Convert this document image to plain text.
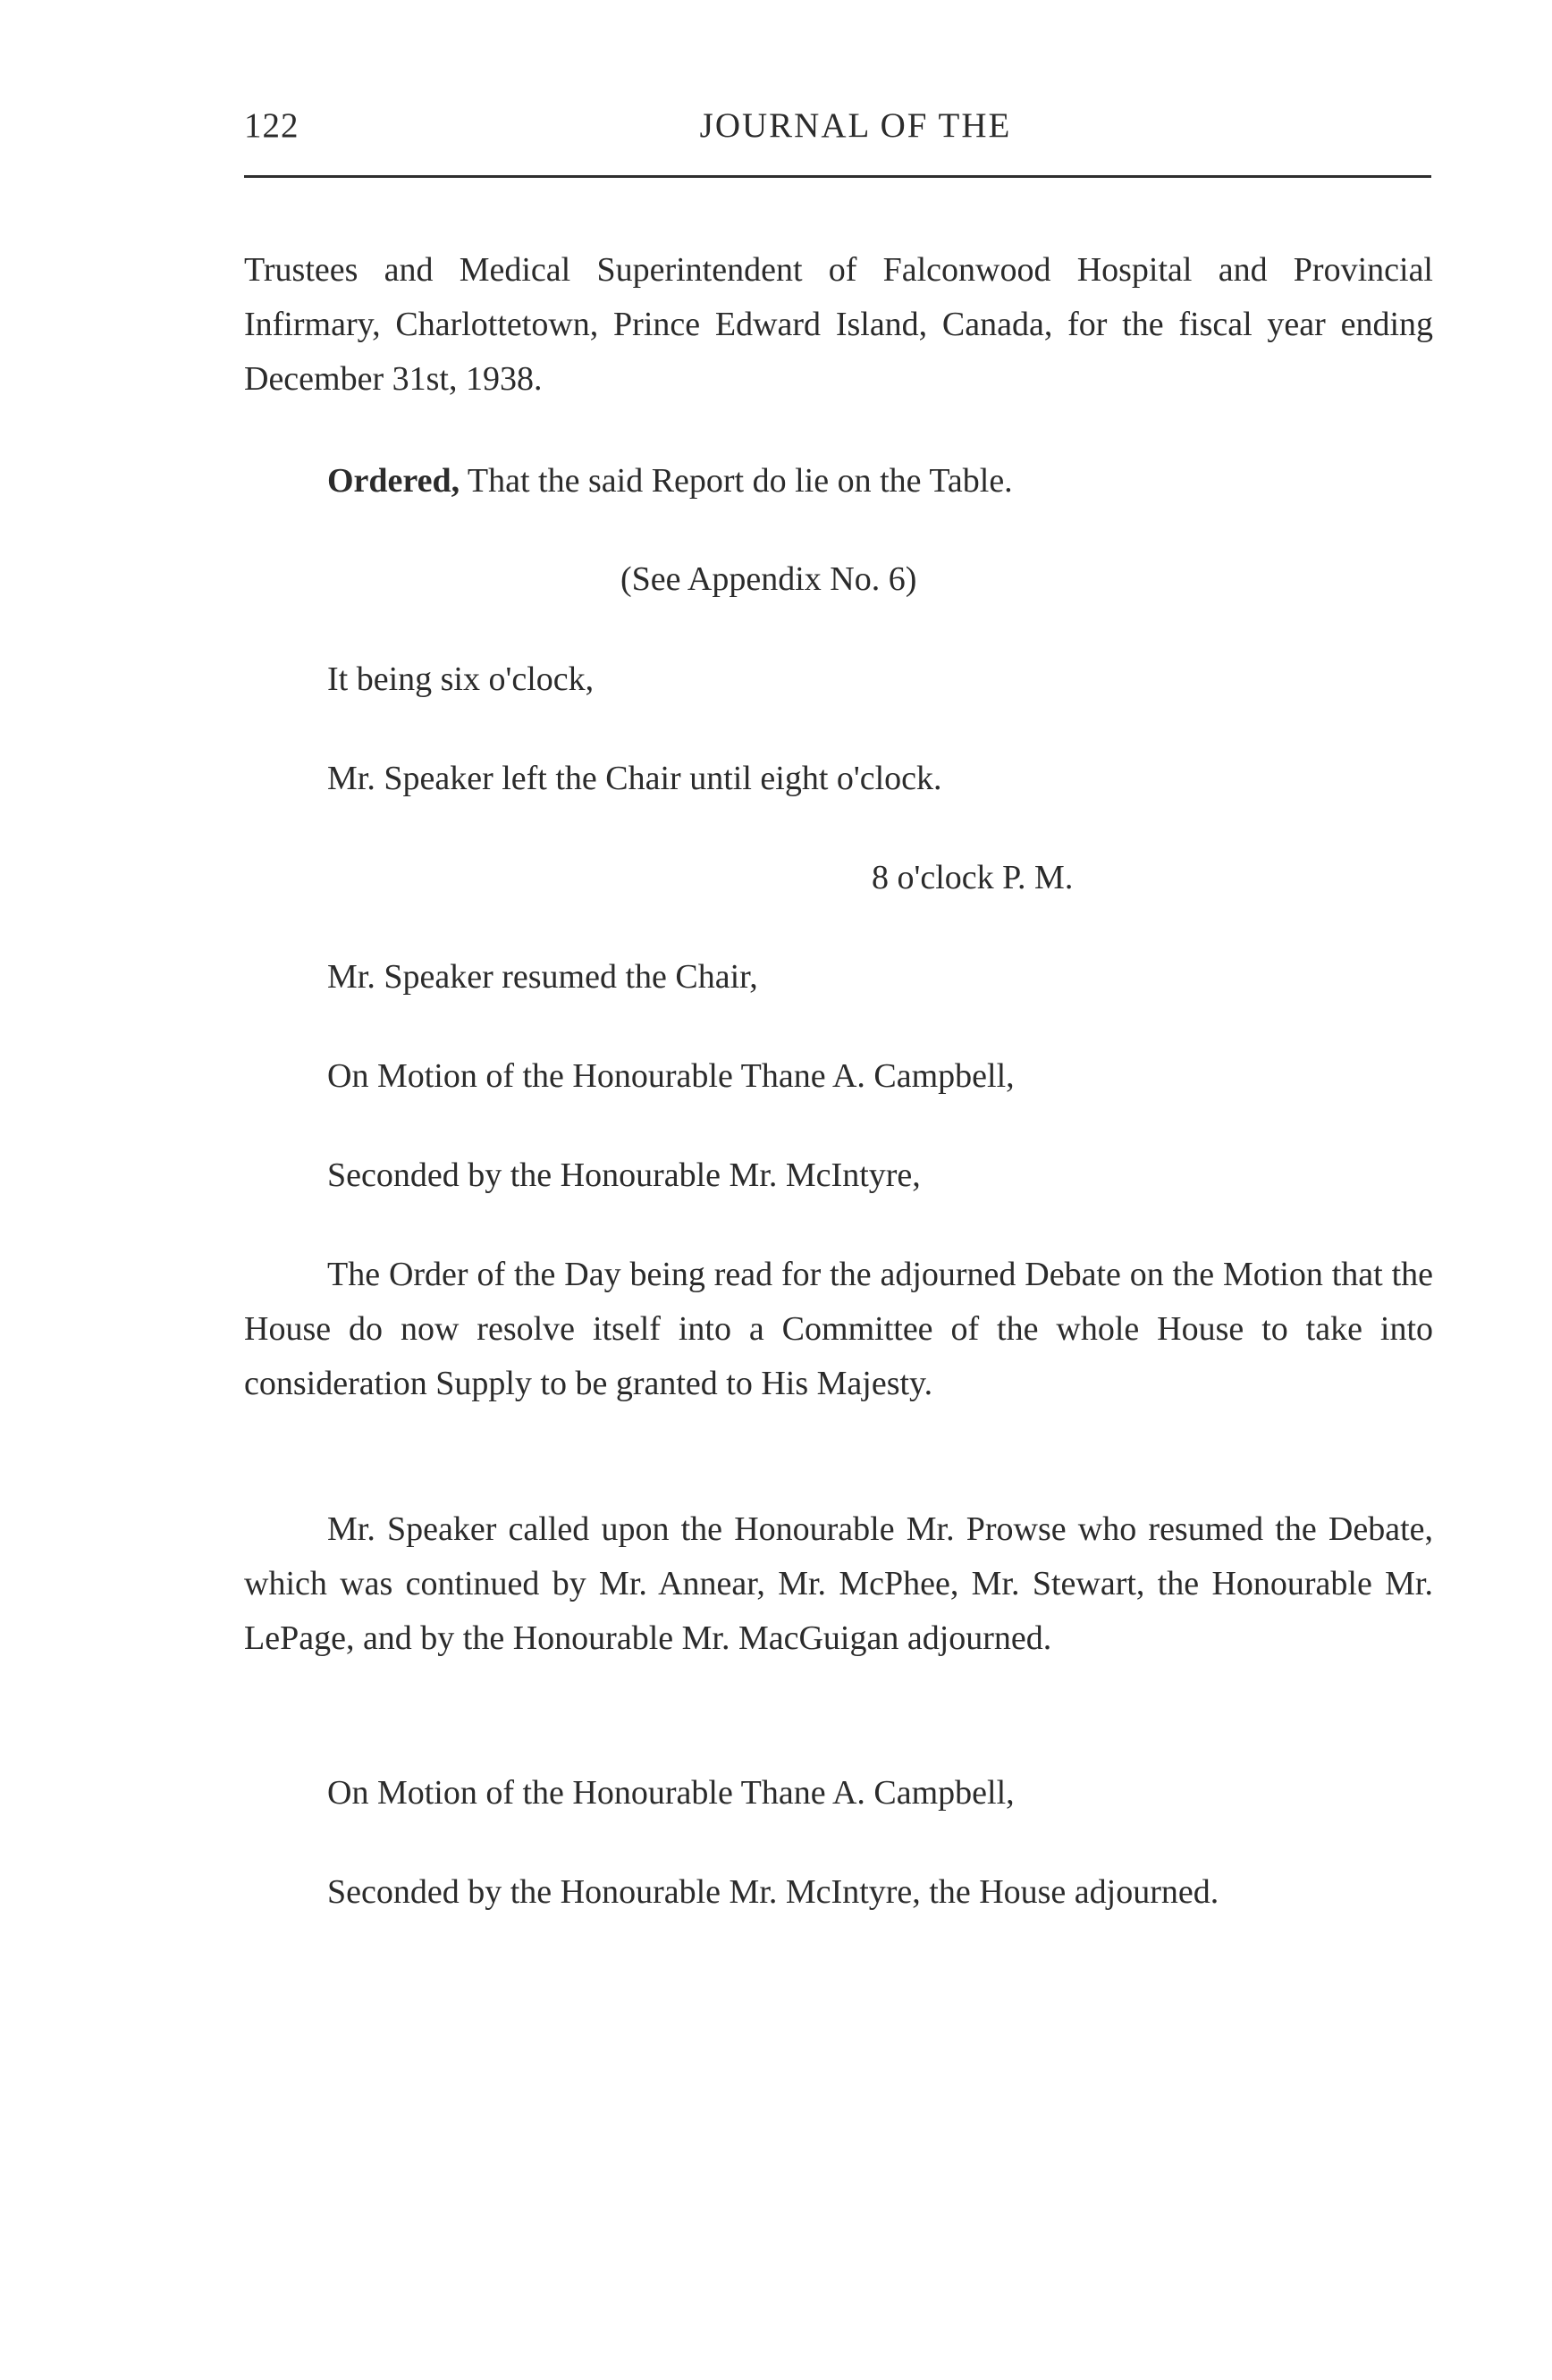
122	JOURNAL OF THE

Trustees and Medical Superintendent of Falconwood Hospital and Provincial Infirmary, Charlottetown, Prince Edward Island, Canada, for the fiscal year ending December 31st, 1938.

Ordered, That the said Report do lie on the Table.

(See Appendix No. 6)

It being six o'clock,

Mr. Speaker left the Chair until eight o'clock.

8 o'clock P. M.

Mr. Speaker resumed the Chair,

On Motion of the Honourable Thane A. Campbell,

Seconded by the Honourable Mr. McIntyre,

The Order of the Day being read for the adjourned Debate on the Motion that the House do now resolve itself into a Committee of the whole House to take into consideration Supply to be granted to His Majesty.

Mr. Speaker called upon the Honourable Mr. Prowse who resumed the Debate, which was continued by Mr. Annear, Mr. McPhee, Mr. Stewart, the Honourable Mr. LePage, and by the Honourable Mr. MacGuigan adjourned.

On Motion of the Honourable Thane A. Campbell,

Seconded by the Honourable Mr. McIntyre, the House adjourned.
